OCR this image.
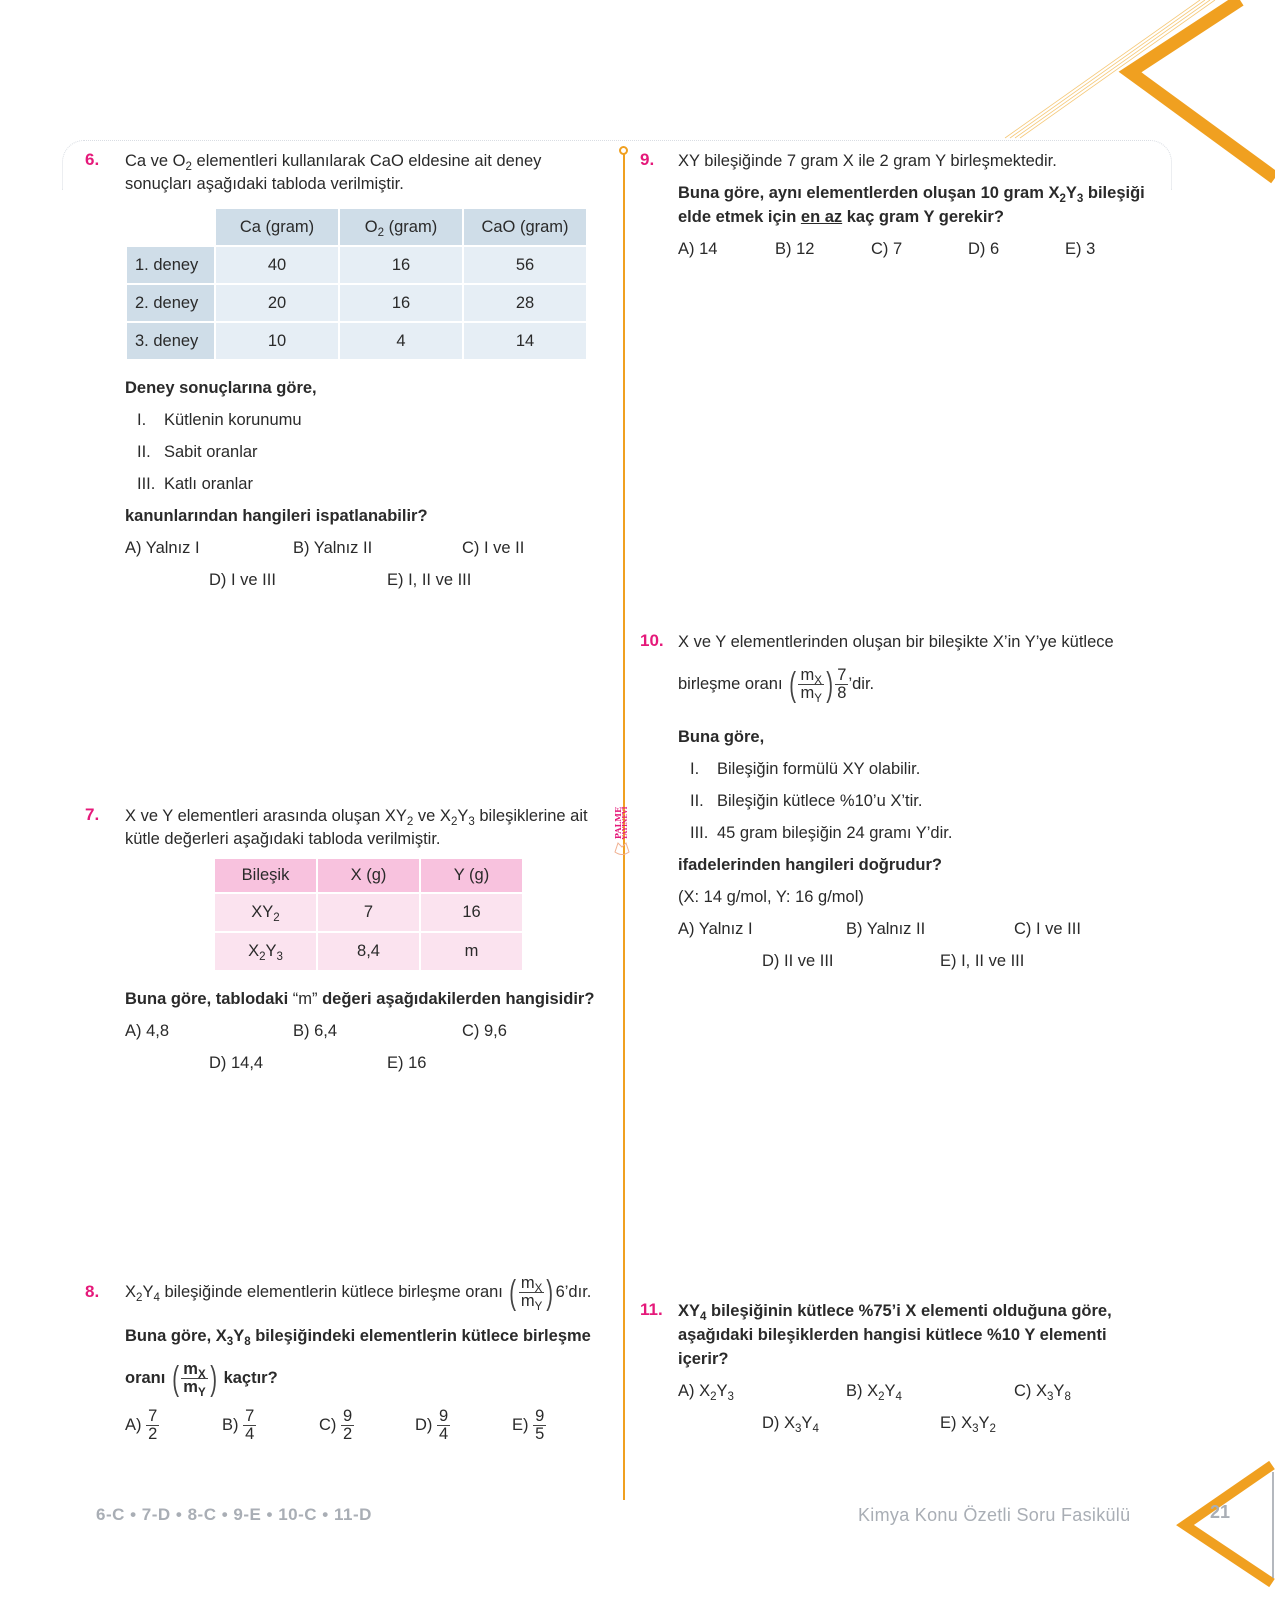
PALME YAYINEVİ
6. Ca ve $O_2$ elementleri kullanılarak CaO eldesine ait deney
sonuçları aşağıdaki tabloda verilmiştir.
	Ca (gram)	$O_2$ (gram)	CaO (gram)
1. deney	40	16	56
2. deney	20	16	28
3. deney	10	4	14
Deney sonuçlarına göre,
I. Kütlenin korunumu
II. Sabit oranlar
III. Katlı oranlar
kanunlarından hangileri ispatlanabilir?
A) Yalnız I	B) Yalnız II	C) I ve II
D) I ve III	E) I, II ve III
7. X ve Y elementleri arasında oluşan $XY_2$ ve $X_2Y_3$ bileşiklerine ait
kütle değerleri aşağıdaki tabloda verilmiştir.
Bileşik	X (g)	Y (g)
$XY_2$	7	16
$X_2Y_3$	8,4	m
Buna göre, tablodaki “m” değeri aşağıdakilerden hangisidir?
A) 4,8	B) 6,4	C) 9,6
D) 14,4	E) 16
8. $X_2Y_4$ bileşiğinde elementlerin kütlece birleşme oranı ( $\frac{m_X}{m_Y}$ ) 6’dır.
Buna göre, $X_3Y_8$ bileşiğindeki elementlerin kütlece birleşme
oranı ( $\frac{m_X}{m_Y}$ ) kaçtır?
$A) \frac{7}{2}$	$B) \frac{7}{4}$	$C) \frac{9}{2}$	$D) \frac{9}{4}$	$E) \frac{9}{5}$
9. XY bileşiğinde 7 gram X ile 2 gram Y birleşmektedir.
Buna göre, aynı elementlerden oluşan 10 gram $X_2Y_3$ bileşiği
elde etmek için en az kaç gram Y gerekir?
A) 14	B) 12	C) 7	D) 6	E) 3
10. X ve Y elementlerinden oluşan bir bileşikte X’in Y’ye kütlece
birleşme oranı ( $\frac{m_X}{m_Y}$ ) $\frac{7}{8}$ ’dir.
Buna göre,
I. Bileşiğin formülü XY olabilir.
II. Bileşiğin kütlece %10’u X’tir.
III. 45 gram bileşiğin 24 gramı Y’dir.
ifadelerinden hangileri doğrudur?
(X: 14 g/mol, Y: 16 g/mol)
A) Yalnız I	B) Yalnız II	C) I ve III
D) II ve III	E) I, II ve III
11. $XY_4$ bileşiğinin kütlece %75’i X elementi olduğuna göre,
aşağıdaki bileşiklerden hangisi kütlece %10 Y elementi
içerir?
A) $X_2Y_3$	B) $X_2Y_4$	C) $X_3Y_8$
D) $X_3Y_4$	E) $X_3Y_2$
6-C • 7-D • 8-C • 9-E • 10-C • 11-D	Kimya Konu Özetli Soru Fasikülü	21
